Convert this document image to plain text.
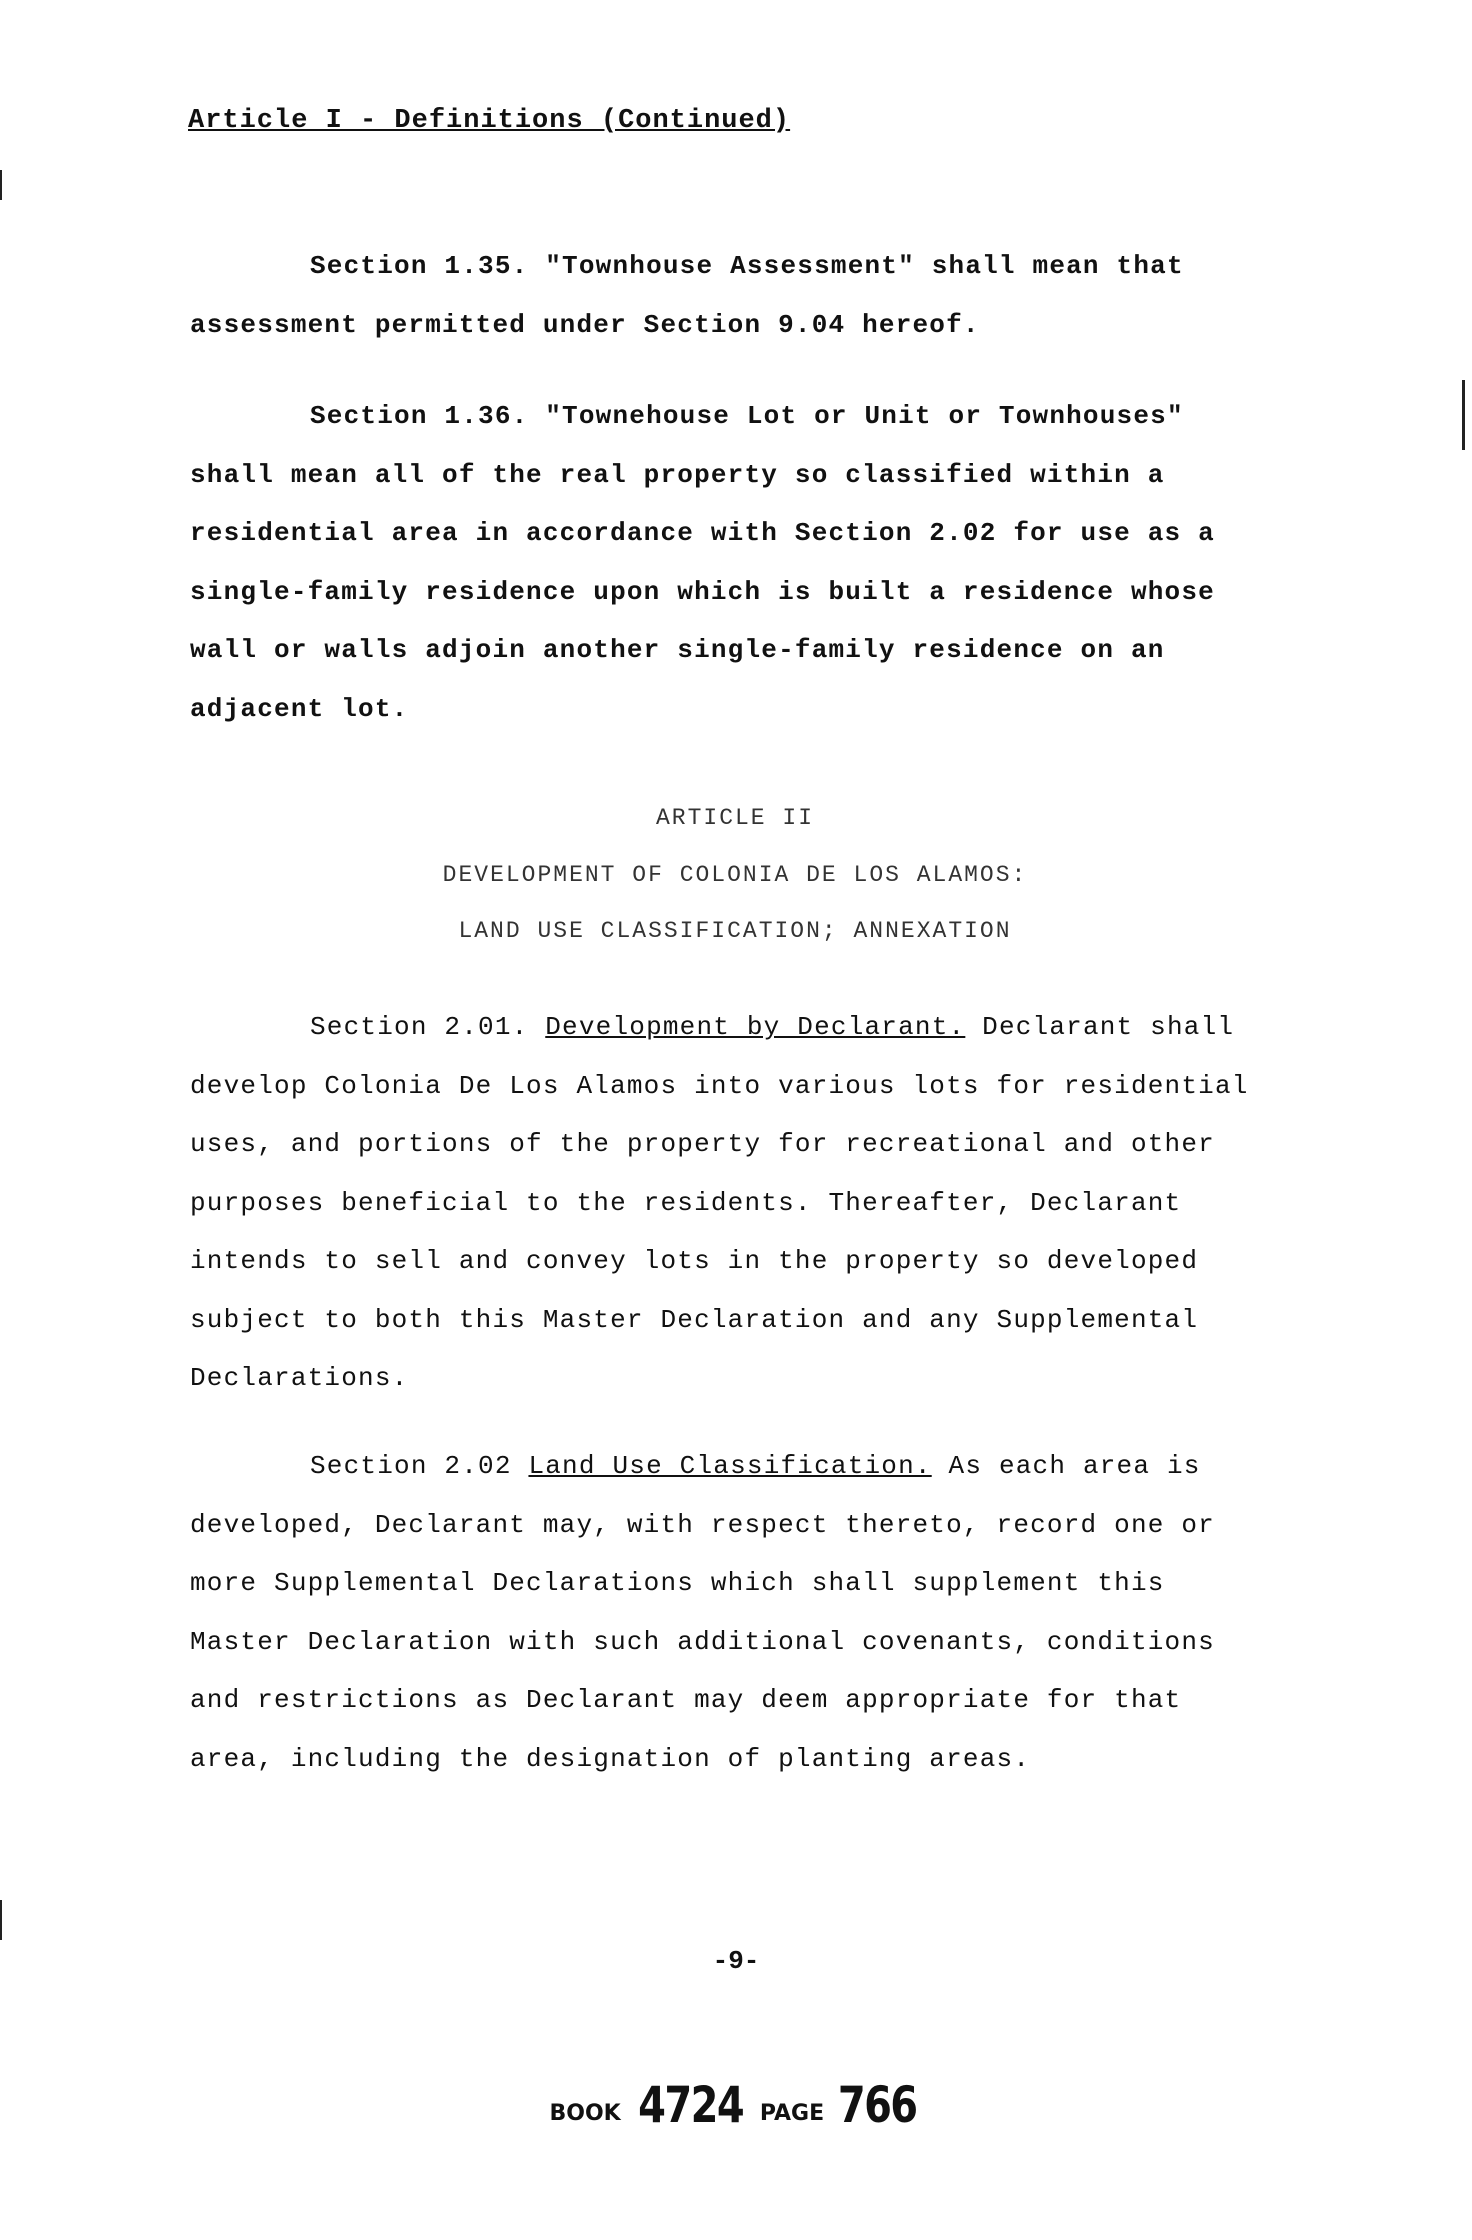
Article I - Definitions (Continued)
Section 1.35. "Townhouse Assessment" shall mean that assessment permitted under Section 9.04 hereof.
Section 1.36. "Townehouse Lot or Unit or Townhouses" shall mean all of the real property so classified within a residential area in accordance with Section 2.02 for use as a single-family residence upon which is built a residence whose wall or walls adjoin another single-family residence on an adjacent lot.
ARTICLE II
DEVELOPMENT OF COLONIA DE LOS ALAMOS:
LAND USE CLASSIFICATION; ANNEXATION
Section 2.01. Development by Declarant. Declarant shall develop Colonia De Los Alamos into various lots for residential uses, and portions of the property for recreational and other purposes beneficial to the residents. Thereafter, Declarant intends to sell and convey lots in the property so developed subject to both this Master Declaration and any Supplemental Declarations.
Section 2.02 Land Use Classification. As each area is developed, Declarant may, with respect thereto, record one or more Supplemental Declarations which shall supplement this Master Declaration with such additional covenants, conditions and restrictions as Declarant may deem appropriate for that area, including the designation of planting areas.
-9-
BOOK 4724 PAGE 766
